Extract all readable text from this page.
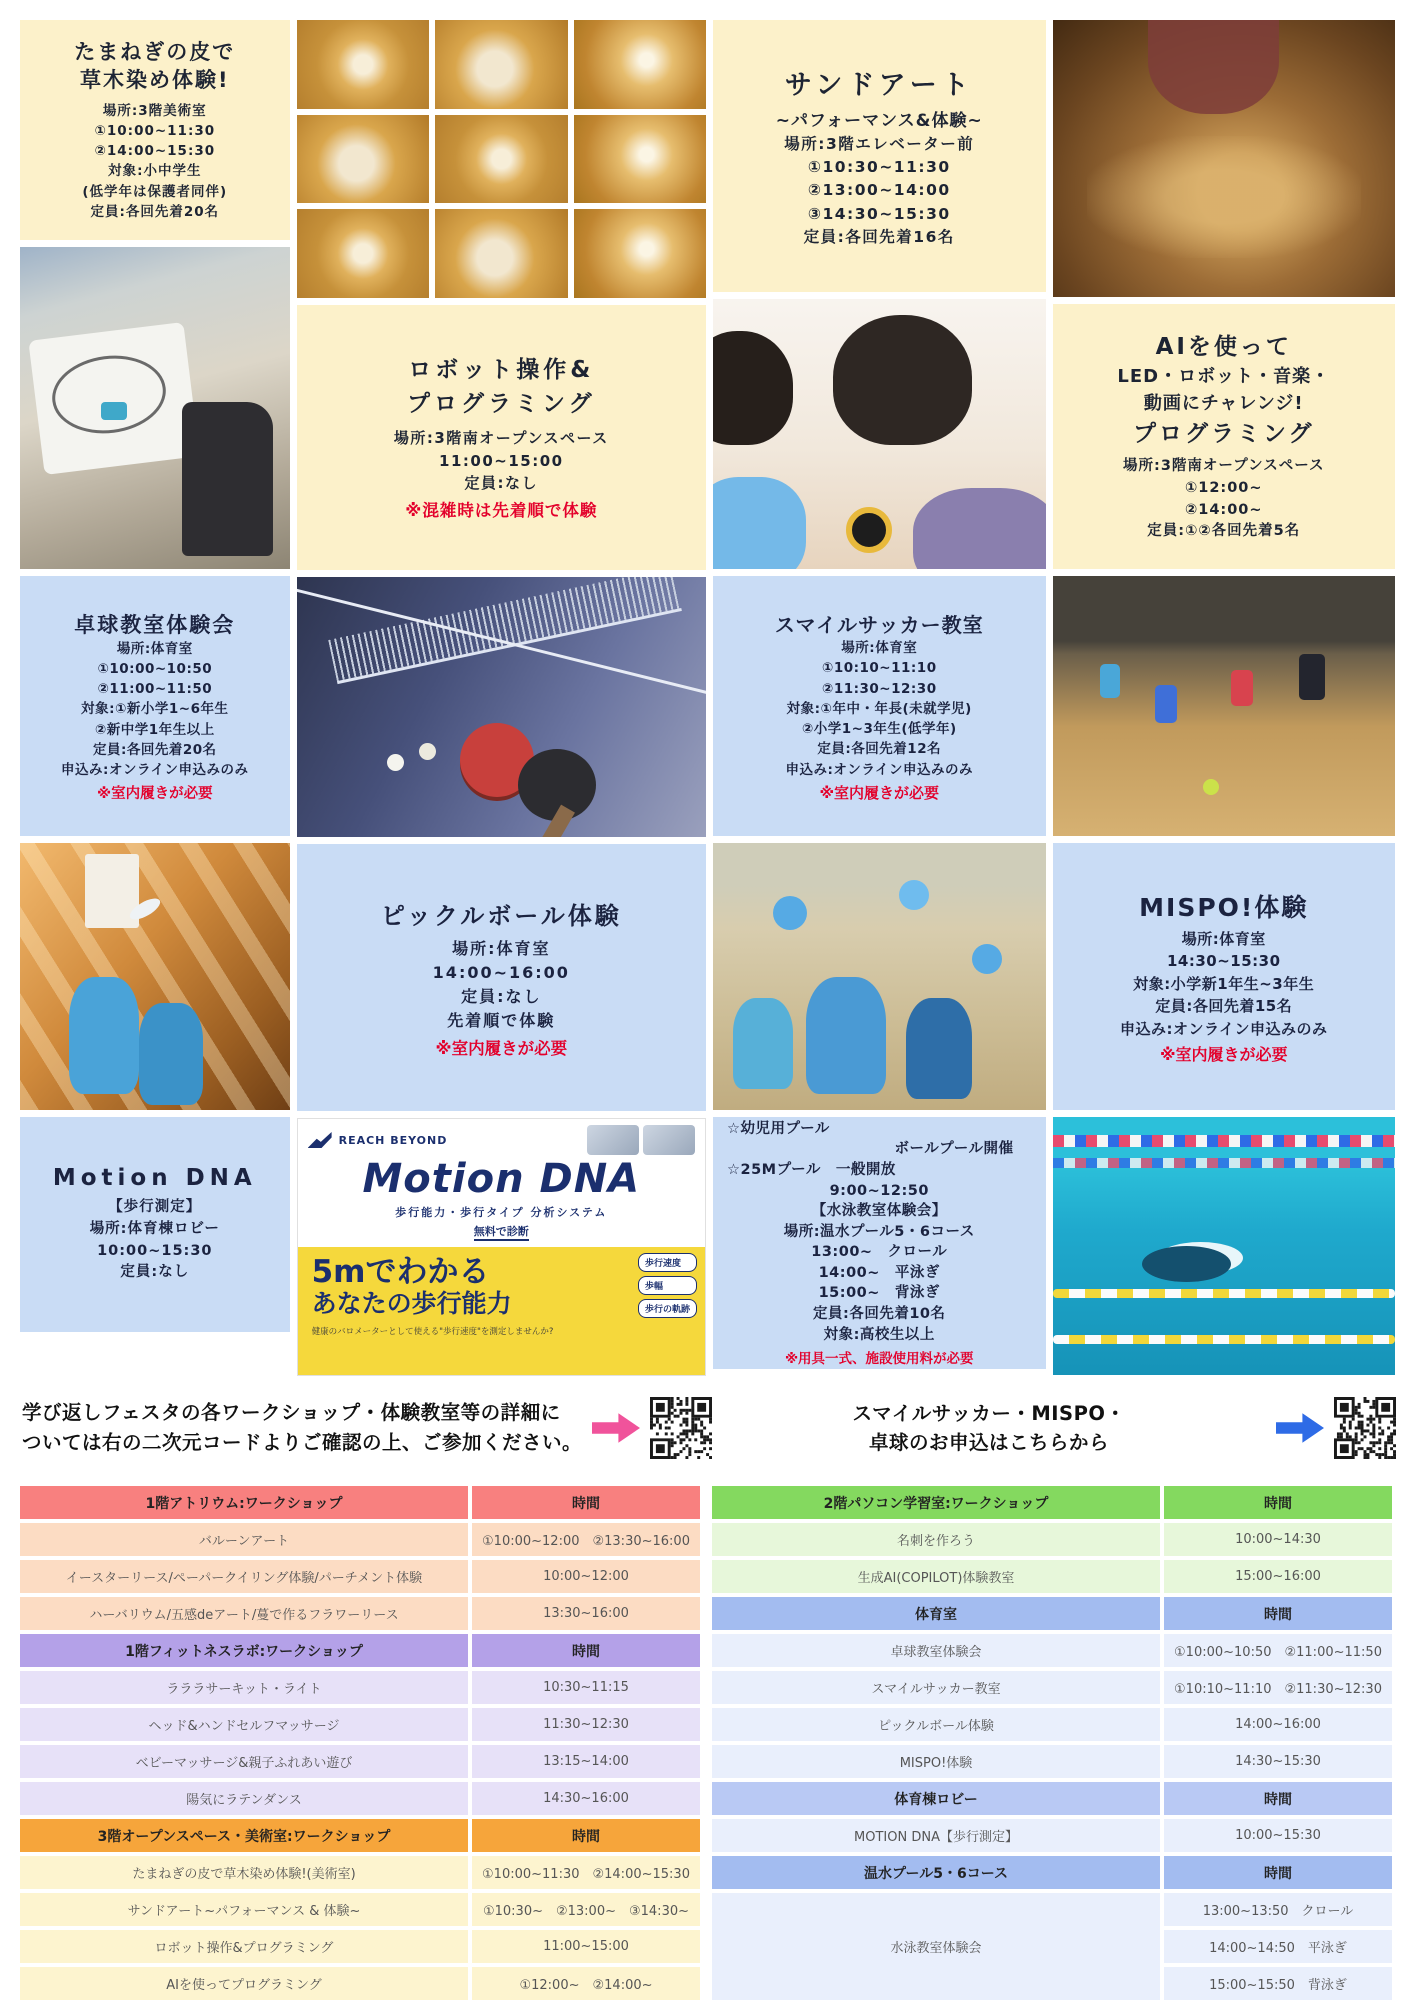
たまねぎの皮で
草木染め体験!
場所:3階美術室
①10:00~11:30
②14:00~15:30
対象:小中学生
(低学年は保護者同伴)
定員:各回先着20名
卓球教室体験会
場所:体育室
①10:00~10:50
②11:00~11:50
対象:①新小学1~6年生
②新中学1年生以上
定員:各回先着20名
申込み:オンライン申込みのみ
※室内履きが必要
Motion DNA
【歩行測定】
場所:体育棟ロビー
10:00~15:30
定員:なし
ロボット操作&
プログラミング
場所:3階南オープンスペース
11:00~15:00
定員:なし
※混雑時は先着順で体験
ピックルボール体験
場所:体育室
14:00~16:00
定員:なし
先着順で体験
※室内履きが必要
REACH BEYOND
Motion DNA
歩行能力・歩行タイプ 分析システム
無料で診断
5mでわかる
あなたの歩行能力
歩行速度
歩幅
歩行の軌跡
健康のバロメーターとして使える"歩行速度"を測定しませんか?
サンドアート
~パフォーマンス&体験~
場所:3階エレベーター前
①10:30~11:30
②13:00~14:00
③14:30~15:30
定員:各回先着16名
スマイルサッカー教室
場所:体育室
①10:10~11:10
②11:30~12:30
対象:①年中・年長(未就学児)
②小学1~3年生(低学年)
定員:各回先着12名
申込み:オンライン申込みのみ
※室内履きが必要
☆幼児用プール
ボールプール開催
☆25Mプール　一般開放
9:00~12:50
【水泳教室体験会】
場所:温水プール5・6コース
13:00~　クロール
14:00~　平泳ぎ
15:00~　背泳ぎ
定員:各回先着10名
対象:高校生以上
※用具一式、施設使用料が必要
AIを使って
LED・ロボット・音楽・
動画にチャレンジ!
プログラミング
場所:3階南オープンスペース
①12:00~
②14:00~
定員:①②各回先着5名
MISPO!体験
場所:体育室
14:30~15:30
対象:小学新1年生~3年生
定員:各回先着15名
申込み:オンライン申込みのみ
※室内履きが必要
学び返しフェスタの各ワークショップ・体験教室等の詳細に
ついては右の二次元コードよりご確認の上、ご参加ください。
スマイルサッカー・MISPO・
卓球のお申込はこちらから
1階アトリウム:ワークショップ	時間
バルーンアート	①10:00~12:00　②13:30~16:00
イースターリース/ペーパークイリング体験/パーチメント体験	10:00~12:00
ハーバリウム/五感deアート/蔓で作るフラワーリース	13:30~16:00
1階フィットネスラボ:ワークショップ	時間
ラララサーキット・ライト	10:30~11:15
ヘッド&ハンドセルフマッサージ	11:30~12:30
ベビーマッサージ&親子ふれあい遊び	13:15~14:00
陽気にラテンダンス	14:30~16:00
3階オープンスペース・美術室:ワークショップ	時間
たまねぎの皮で草木染め体験!(美術室)	①10:00~11:30　②14:00~15:30
サンドアート~パフォーマンス & 体験~	①10:30~　②13:00~　③14:30~
ロボット操作&プログラミング	11:00~15:00
AIを使ってプログラミング	①12:00~　②14:00~
2階パソコン学習室:ワークショップ	時間
名刺を作ろう	10:00~14:30
生成AI(COPILOT)体験教室	15:00~16:00
体育室	時間
卓球教室体験会	①10:00~10:50　②11:00~11:50
スマイルサッカー教室	①10:10~11:10　②11:30~12:30
ピックルボール体験	14:00~16:00
MISPO!体験	14:30~15:30
体育棟ロビー	時間
MOTION DNA【歩行測定】	10:00~15:30
温水プール5・6コース	時間
水泳教室体験会
13:00~13:50　クロール
14:00~14:50　平泳ぎ
15:00~15:50　背泳ぎ
